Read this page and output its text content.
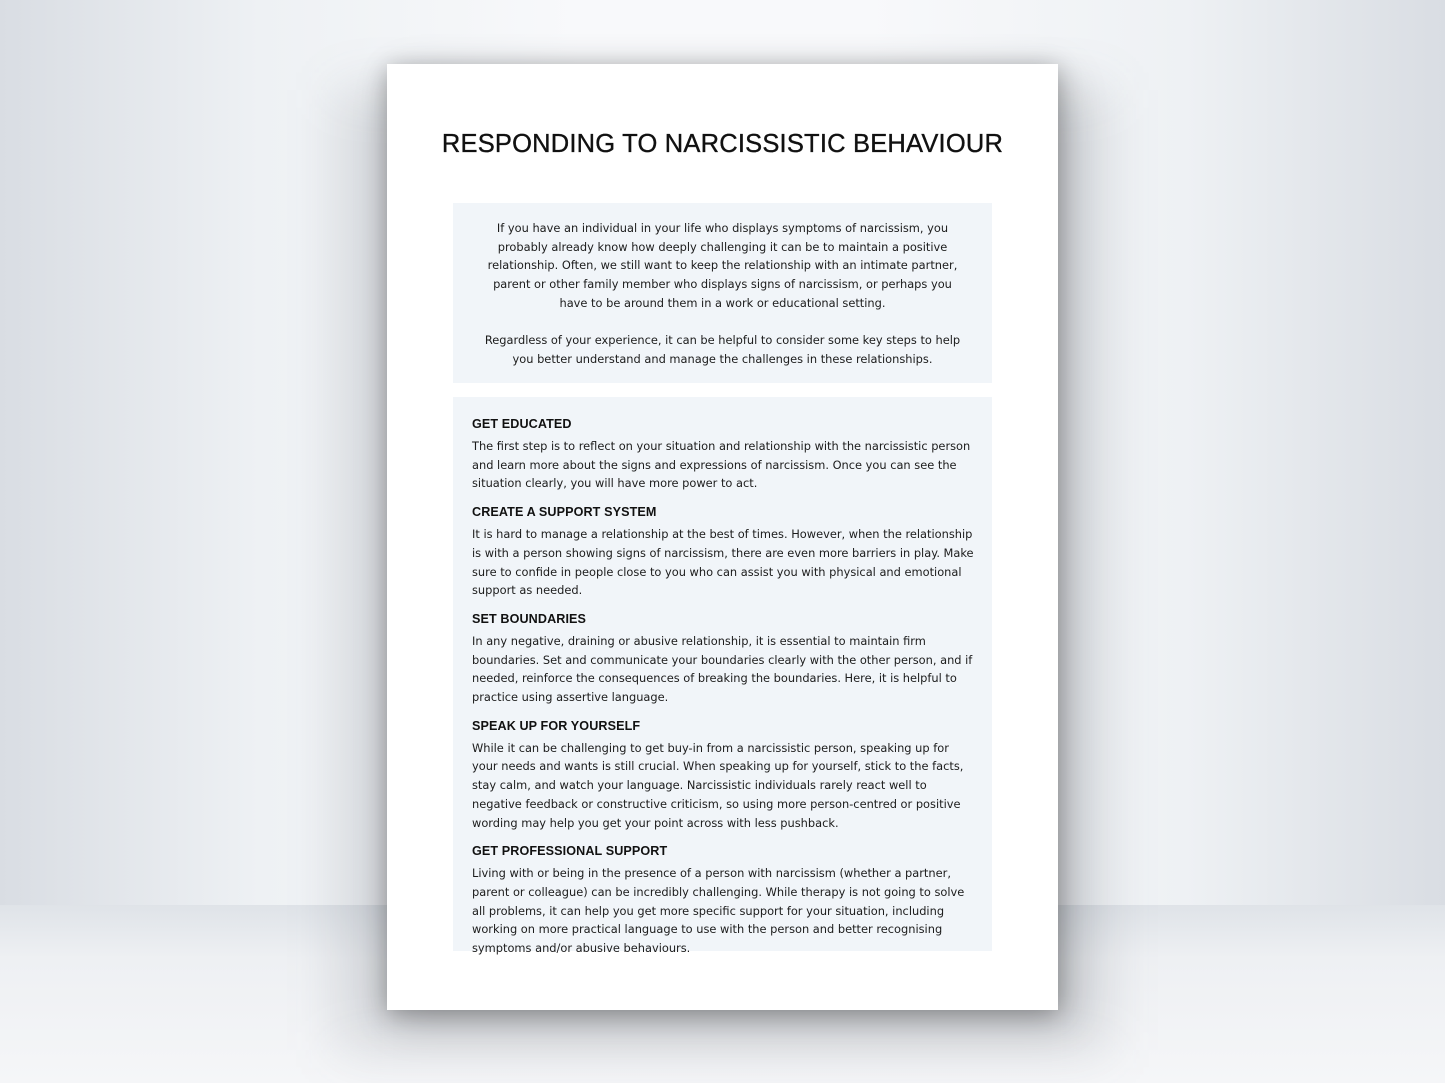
RESPONDING TO NARCISSISTIC BEHAVIOUR

If you have an individual in your life who displays symptoms of narcissism, you probably already know how deeply challenging it can be to maintain a positive relationship. Often, we still want to keep the relationship with an intimate partner, parent or other family member who displays signs of narcissism, or perhaps you have to be around them in a work or educational setting.

Regardless of your experience, it can be helpful to consider some key steps to help you better understand and manage the challenges in these relationships.

GET EDUCATED

The first step is to reflect on your situation and relationship with the narcissistic person and learn more about the signs and expressions of narcissism. Once you can see the situation clearly, you will have more power to act.

CREATE A SUPPORT SYSTEM

It is hard to manage a relationship at the best of times. However, when the relationship is with a person showing signs of narcissism, there are even more barriers in play. Make sure to confide in people close to you who can assist you with physical and emotional support as needed.

SET BOUNDARIES

In any negative, draining or abusive relationship, it is essential to maintain firm boundaries. Set and communicate your boundaries clearly with the other person, and if needed, reinforce the consequences of breaking the boundaries. Here, it is helpful to practice using assertive language.

SPEAK UP FOR YOURSELF

While it can be challenging to get buy-in from a narcissistic person, speaking up for your needs and wants is still crucial. When speaking up for yourself, stick to the facts, stay calm, and watch your language. Narcissistic individuals rarely react well to negative feedback or constructive criticism, so using more person-centred or positive wording may help you get your point across with less pushback.

GET PROFESSIONAL SUPPORT

Living with or being in the presence of a person with narcissism (whether a partner, parent or colleague) can be incredibly challenging. While therapy is not going to solve all problems, it can help you get more specific support for your situation, including working on more practical language to use with the person and better recognising symptoms and/or abusive behaviours.
